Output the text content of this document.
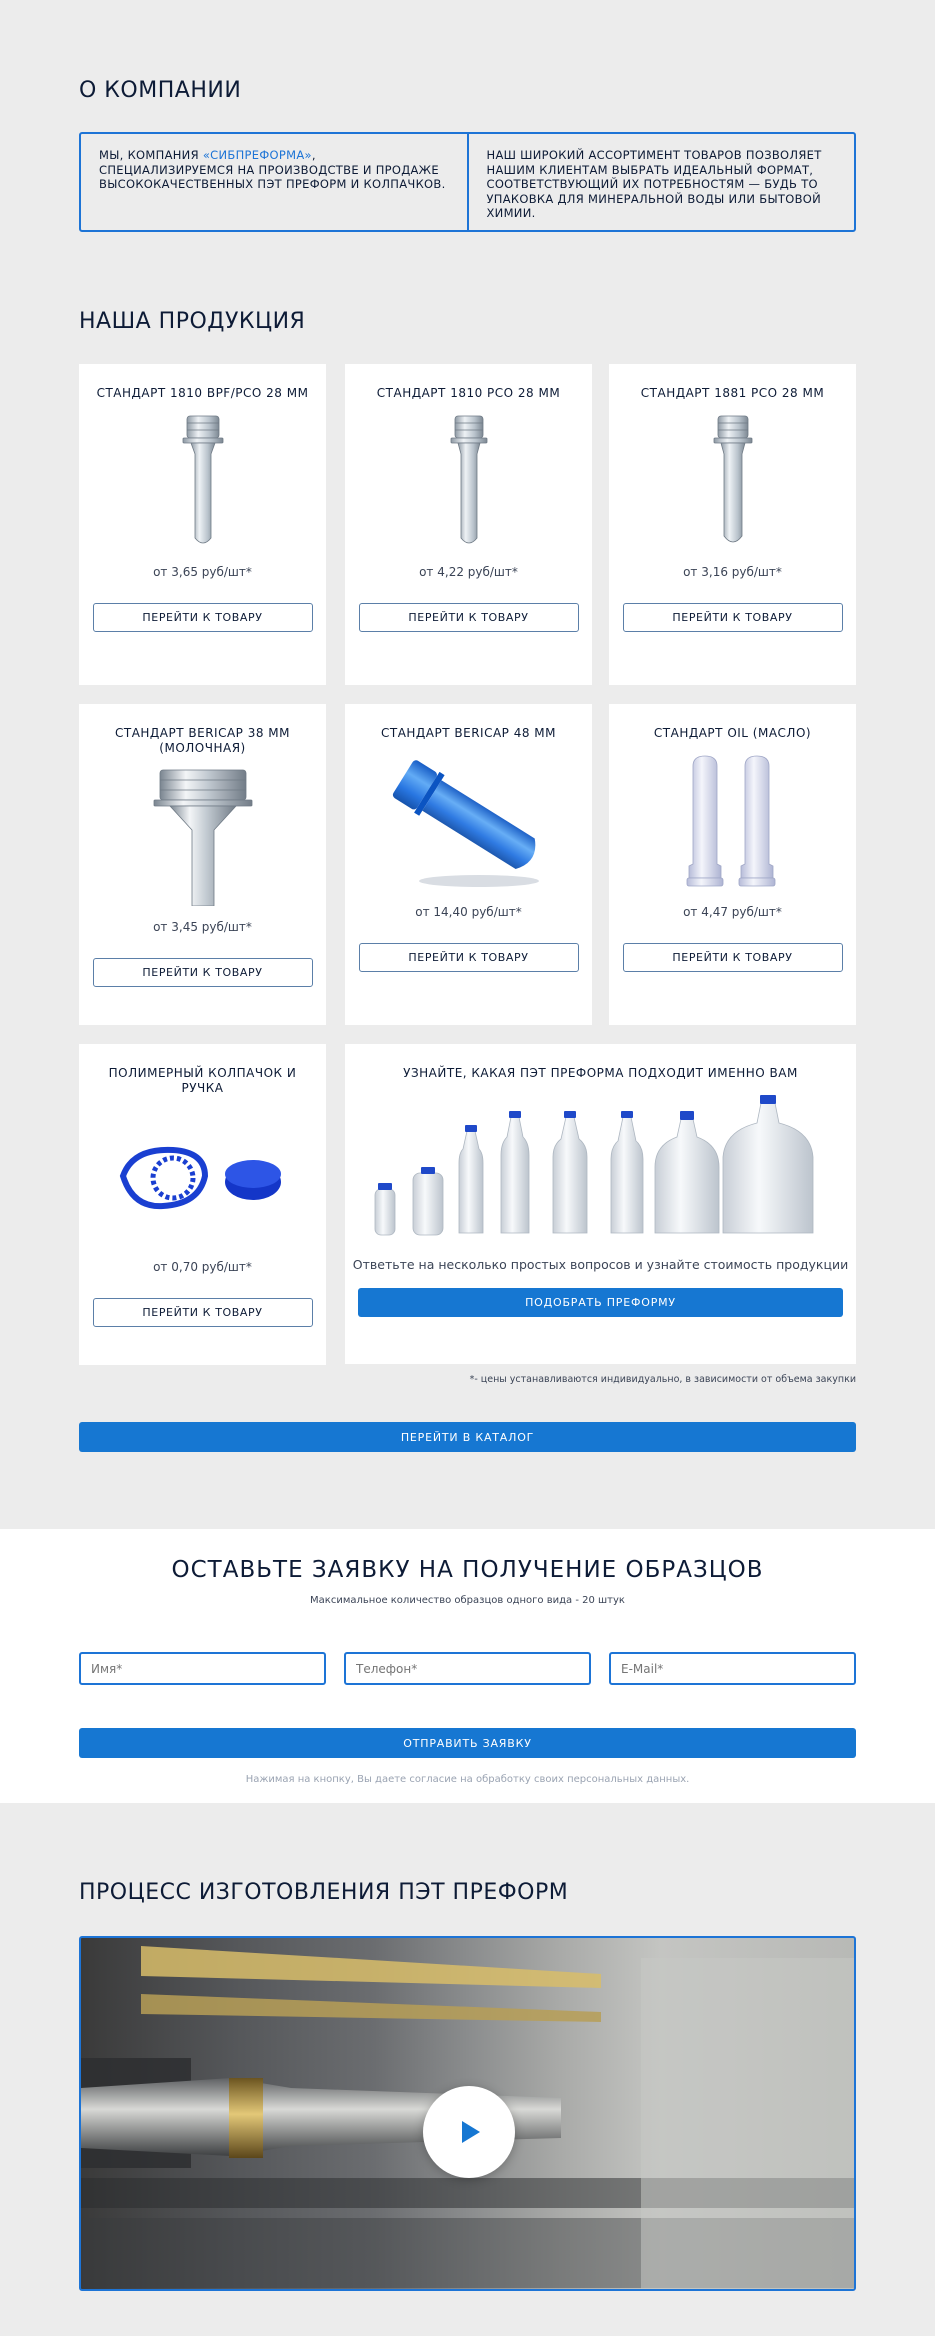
О КОМПАНИИ
МЫ, КОМПАНИЯ «СИБПРЕФОРМА», СПЕЦИАЛИЗИРУЕМСЯ НА ПРОИЗВОДСТВЕ И ПРОДАЖЕ ВЫСОКОКАЧЕСТВЕННЫХ ПЭТ ПРЕФОРМ И КОЛПАЧКОВ.
НАШ ШИРОКИЙ АССОРТИМЕНТ ТОВАРОВ ПОЗВОЛЯЕТ НАШИМ КЛИЕНТАМ ВЫБРАТЬ ИДЕАЛЬНЫЙ ФОРМАТ, СООТВЕТСТВУЮЩИЙ ИХ ПОТРЕБНОСТЯМ — БУДЬ ТО УПАКОВКА ДЛЯ МИНЕРАЛЬНОЙ ВОДЫ ИЛИ БЫТОВОЙ ХИМИИ.
НАША ПРОДУКЦИЯ
СТАНДАРТ 1810 BPF/PCO 28 ММ
от 3,65 руб/шт*
ПЕРЕЙТИ К ТОВАРУ
СТАНДАРТ 1810 PCO 28 ММ
от 4,22 руб/шт*
ПЕРЕЙТИ К ТОВАРУ
СТАНДАРТ 1881 PCO 28 ММ
от 3,16 руб/шт*
ПЕРЕЙТИ К ТОВАРУ
СТАНДАРТ BERICAP 38 ММ (МОЛОЧНАЯ)
от 3,45 руб/шт*
ПЕРЕЙТИ К ТОВАРУ
СТАНДАРТ BERICAP 48 ММ
от 14,40 руб/шт*
ПЕРЕЙТИ К ТОВАРУ
СТАНДАРТ OIL (МАСЛО)
от 4,47 руб/шт*
ПЕРЕЙТИ К ТОВАРУ
ПОЛИМЕРНЫЙ КОЛПАЧОК И РУЧКА
от 0,70 руб/шт*
ПЕРЕЙТИ К ТОВАРУ
УЗНАЙТЕ, КАКАЯ ПЭТ ПРЕФОРМА ПОДХОДИТ ИМЕННО ВАМ
Ответьте на несколько простых вопросов и узнайте стоимость продукции
ПОДОБРАТЬ ПРЕФОРМУ
*- цены устанавливаются индивидуально, в зависимости от объема закупки
ПЕРЕЙТИ В КАТАЛОГ
ОСТАВЬТЕ ЗАЯВКУ НА ПОЛУЧЕНИЕ ОБРАЗЦОВ
Максимальное количество образцов одного вида - 20 штук
Имя*
Телефон*
E-Mail*
ОТПРАВИТЬ ЗАЯВКУ
Нажимая на кнопку, Вы даете согласие на обработку своих персональных данных.
ПРОЦЕСС ИЗГОТОВЛЕНИЯ ПЭТ ПРЕФОРМ
